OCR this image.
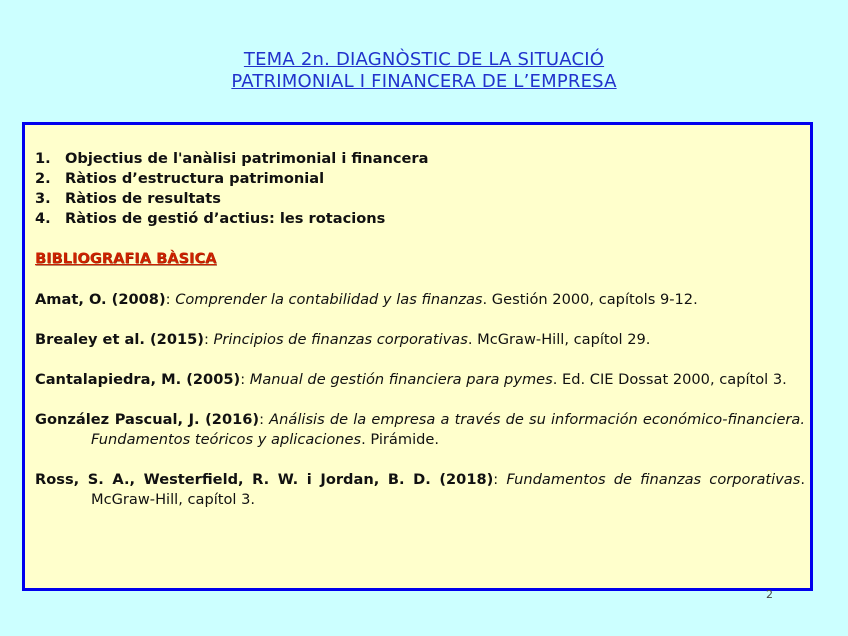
TEMA 2n. DIAGNÒSTIC DE LA SITUACIÓ
PATRIMONIAL I FINANCERA DE L’EMPRESA
1. Objectius de l'anàlisi patrimonial i financera
2. Ràtios d’estructura patrimonial
3. Ràtios de resultats
4. Ràtios de gestió d’actius: les rotacions
BIBLIOGRAFIA BÀSICA
Amat, O. (2008): Comprender la contabilidad y las finanzas. Gestión 2000, capítols 9-12.
Brealey et al. (2015): Principios de finanzas corporativas. McGraw-Hill, capítol 29.
Cantalapiedra, M. (2005): Manual de gestión financiera para pymes. Ed. CIE Dossat 2000, capítol 3.
González Pascual, J. (2016): Análisis de la empresa a través de su información económico-financiera. Fundamentos teóricos y aplicaciones. Pirámide.
Ross, S. A., Westerfield, R. W. i Jordan, B. D. (2018): Fundamentos de finanzas corporativas. McGraw-Hill, capítol 3.
2
